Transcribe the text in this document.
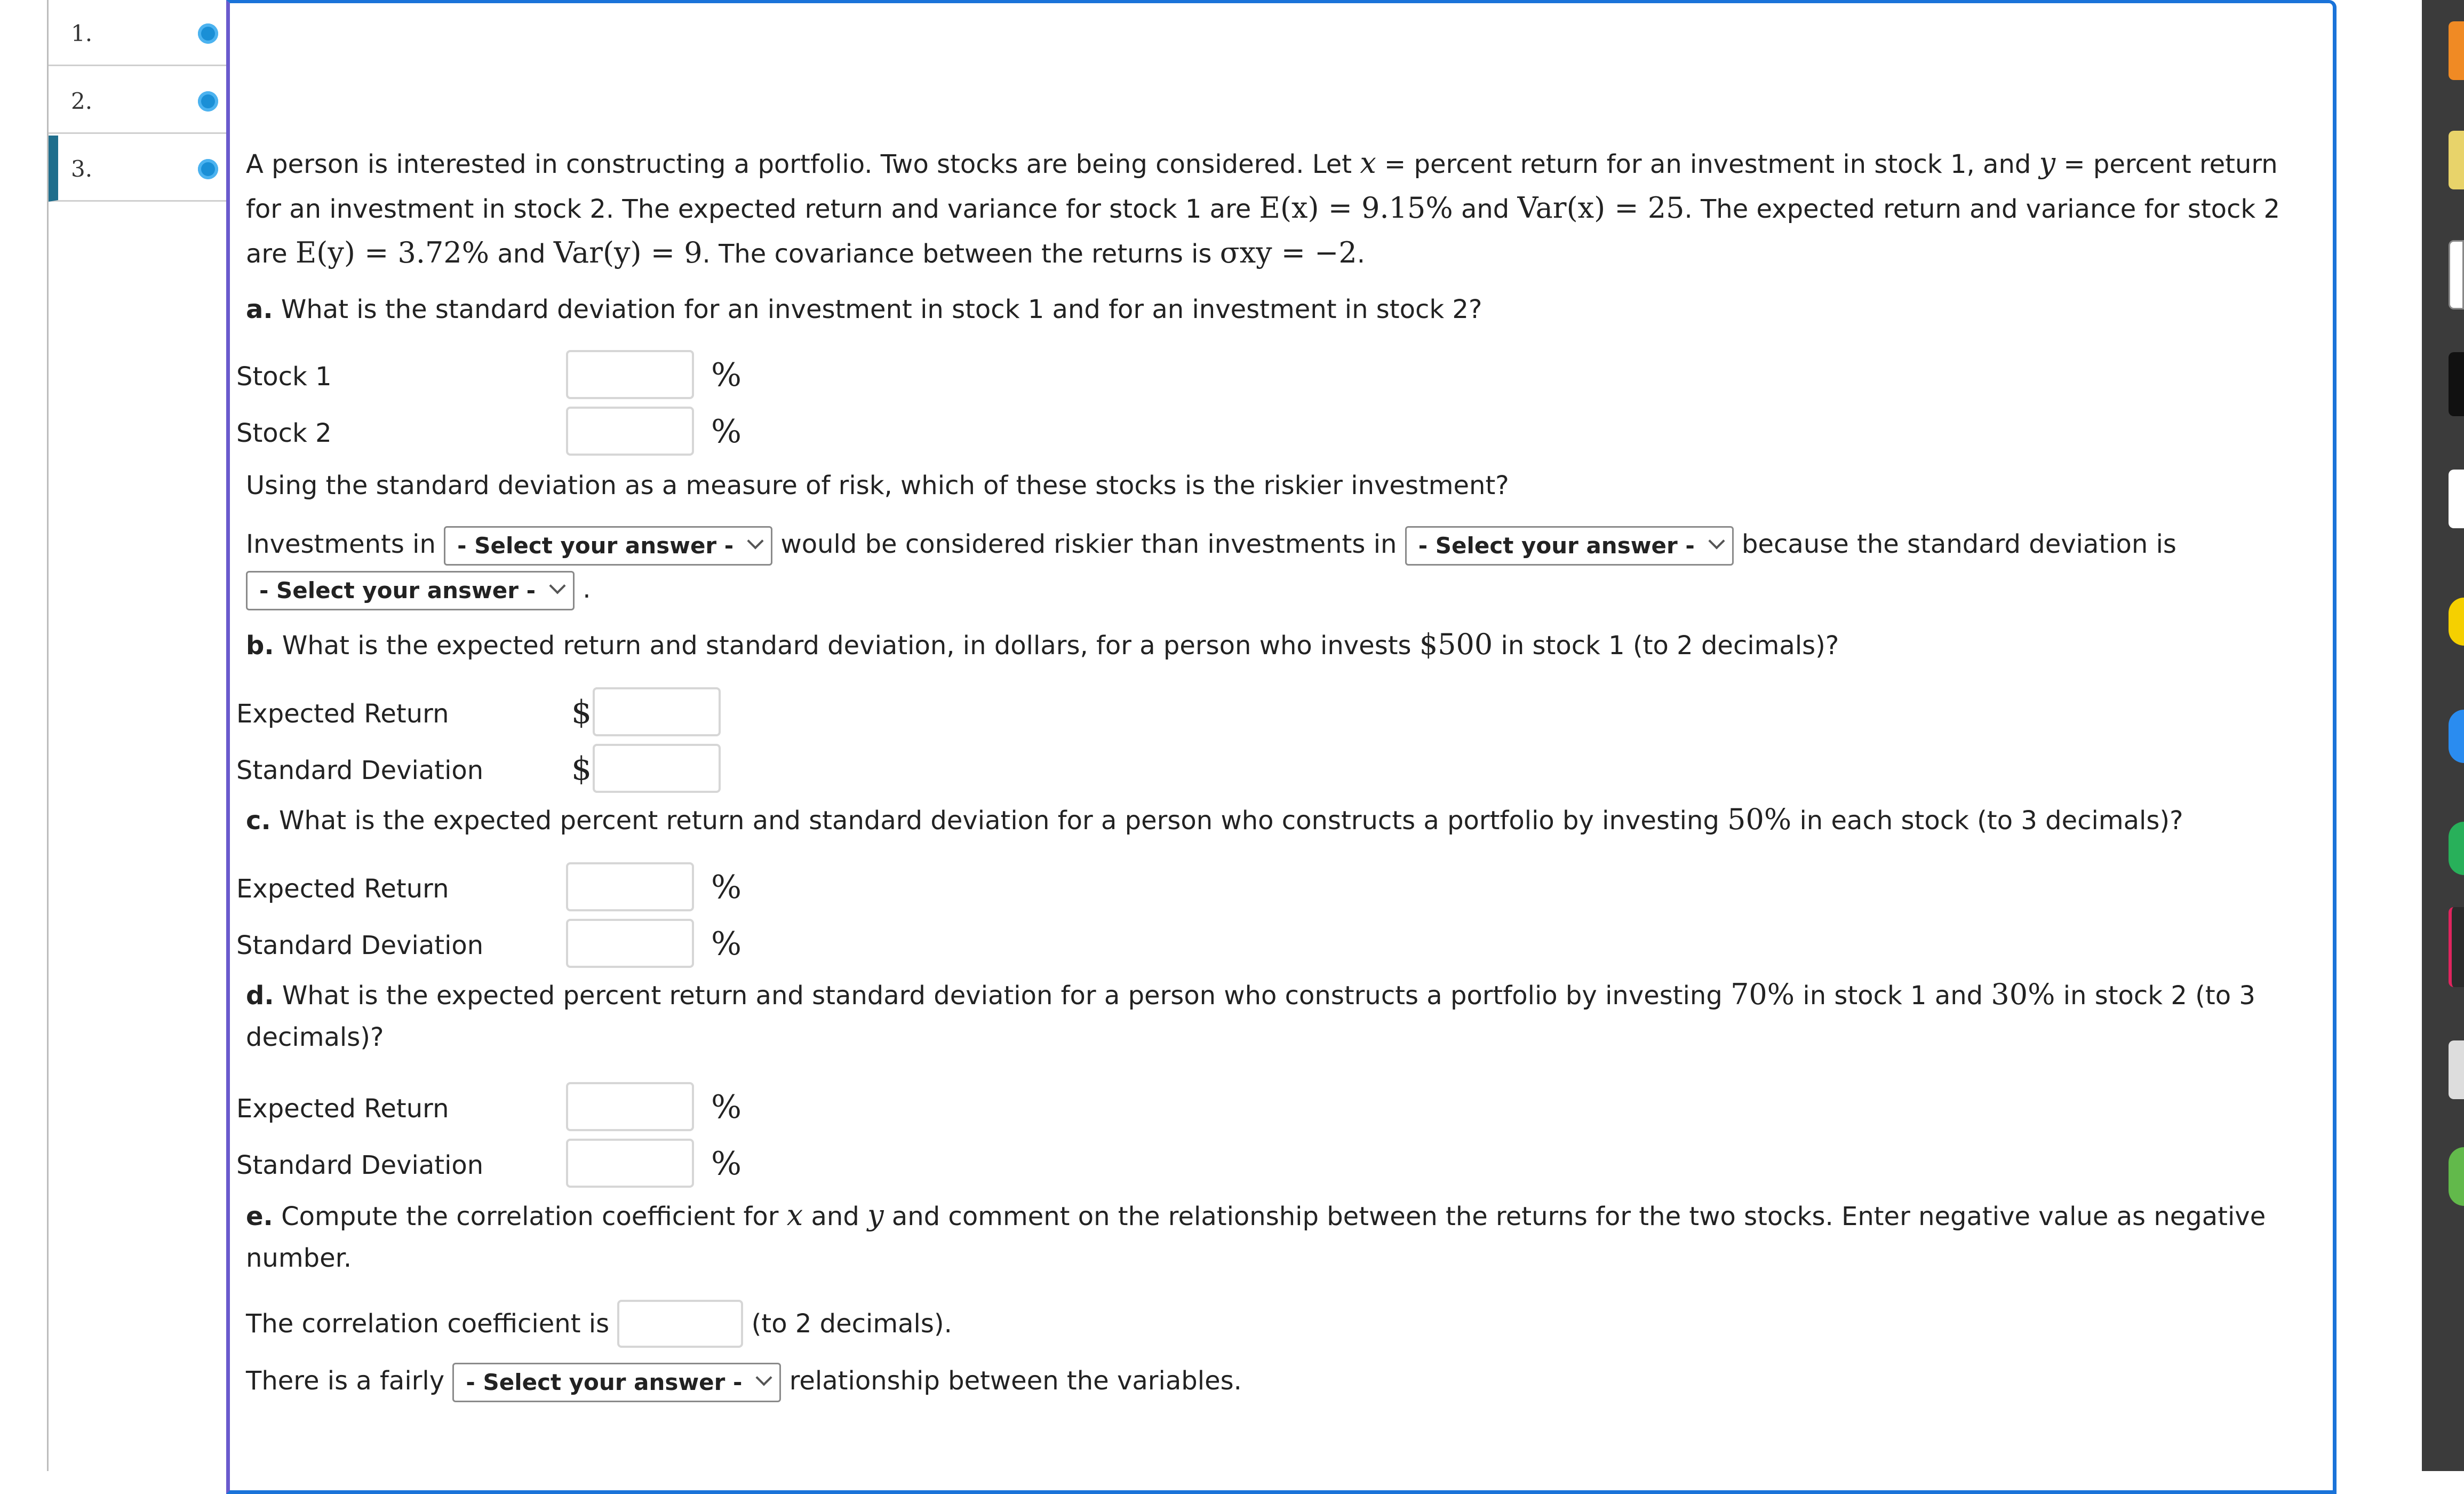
1.
2.
3.	A person is interested in constructing a portfolio. Two stocks are being considered. Let x = percent return for an investment in stock 1, and y = percent return
for an investment in stock 2. The expected return and variance for stock 1 are E(x) = 9.15% and Var(x) = 25. The expected return and variance for stock 2
are E(y) = 3.72% and Var(y) = 9. The covariance between the returns is σxy = −2.
a. What is the standard deviation for an investment in stock 1 and for an investment in stock 2?
Stock 1	%
Stock 2	%
Using the standard deviation as a measure of risk, which of these stocks is the riskier investment?
Investments in - Select your answer - would be considered riskier than investments in - Select your answer - because the standard deviation is
- Select your answer - .
b. What is the expected return and standard deviation, in dollars, for a person who invests $500 in stock 1 (to 2 decimals)?
Expected Return	$
Standard Deviation	$
c. What is the expected percent return and standard deviation for a person who constructs a portfolio by investing 50% in each stock (to 3 decimals)?
Expected Return	%
Standard Deviation	%
d. What is the expected percent return and standard deviation for a person who constructs a portfolio by investing 70% in stock 1 and 30% in stock 2 (to 3
decimals)?
Expected Return	%
Standard Deviation	%
e. Compute the correlation coefficient for x and y and comment on the relationship between the returns for the two stocks. Enter negative value as negative
number.
The correlation coefficient is	(to 2 decimals).
There is a fairly - Select your answer - relationship between the variables.
